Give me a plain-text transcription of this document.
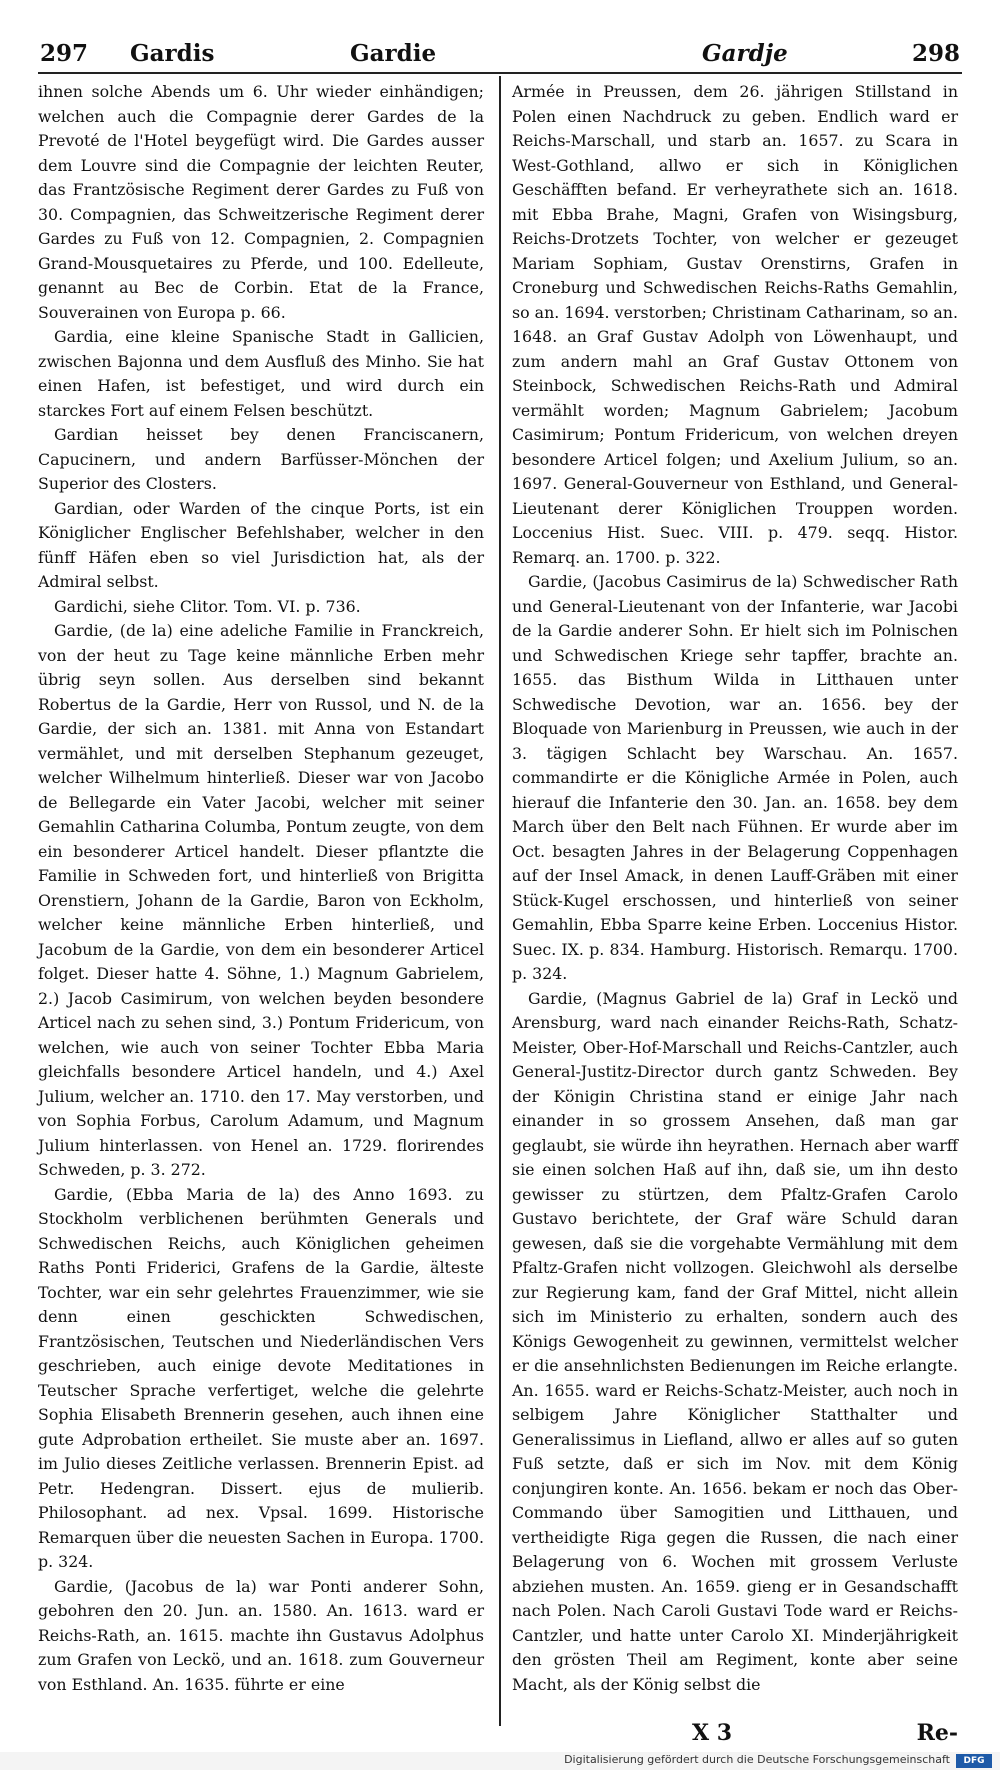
297 Gardis	Gardie	Gardje	298

ihnen solche Abends um 6. Uhr wieder einhändigen; welchen auch die Compagnie derer Gardes de la Prevoté de l'Hotel beygefügt wird. Die Gardes ausser dem Louvre sind die Compagnie der leichten Reuter, das Frantzösische Regiment derer Gardes zu Fuß von 30. Compagnien, das Schweitzerische Regiment derer Gardes zu Fuß von 12. Compagnien, 2. Compagnien Grand-Mousquetaires zu Pferde, und 100. Edelleute, genannt au Bec de Corbin. Etat de la France, Souverainen von Europa p. 66.

Gardia, eine kleine Spanische Stadt in Gallicien, zwischen Bajonna und dem Ausfluß des Minho. Sie hat einen Hafen, ist befestiget, und wird durch ein starckes Fort auf einem Felsen beschützt.

Gardian heisset bey denen Franciscanern, Capucinern, und andern Barfüsser-Mönchen der Superior des Closters.

Gardian, oder Warden of the cinque Ports, ist ein Königlicher Englischer Befehlshaber, welcher in den fünff Häfen eben so viel Jurisdiction hat, als der Admiral selbst.

Gardichi, siehe Clitor. Tom. VI. p. 736.

Gardie, (de la) eine adeliche Familie in Franckreich, von der heut zu Tage keine männliche Erben mehr übrig seyn sollen. Aus derselben sind bekannt Robertus de la Gardie, Herr von Russol, und N. de la Gardie, der sich an. 1381. mit Anna von Estandart vermählet, und mit derselben Stephanum gezeuget, welcher Wilhelmum hinterließ. Dieser war von Jacobo de Bellegarde ein Vater Jacobi, welcher mit seiner Gemahlin Catharina Columba, Pontum zeugte, von dem ein besonderer Articel handelt. Dieser pflantzte die Familie in Schweden fort, und hinterließ von Brigitta Orenstiern, Johann de la Gardie, Baron von Eckholm, welcher keine männliche Erben hinterließ, und Jacobum de la Gardie, von dem ein besonderer Articel folget. Dieser hatte 4. Söhne, 1.) Magnum Gabrielem, 2.) Jacob Casimirum, von welchen beyden besondere Articel nach zu sehen sind, 3.) Pontum Fridericum, von welchen, wie auch von seiner Tochter Ebba Maria gleichfalls besondere Articel handeln, und 4.) Axel Julium, welcher an. 1710. den 17. May verstorben, und von Sophia Forbus, Carolum Adamum, und Magnum Julium hinterlassen. von Henel an. 1729. florirendes Schweden, p. 3. 272.

Gardie, (Ebba Maria de la) des Anno 1693. zu Stockholm verblichenen berühmten Generals und Schwedischen Reichs, auch Königlichen geheimen Raths Ponti Friderici, Grafens de la Gardie, älteste Tochter, war ein sehr gelehrtes Frauenzimmer, wie sie denn einen geschickten Schwedischen, Frantzösischen, Teutschen und Niederländischen Vers geschrieben, auch einige devote Meditationes in Teutscher Sprache verfertiget, welche die gelehrte Sophia Elisabeth Brennerin gesehen, auch ihnen eine gute Adprobation ertheilet. Sie muste aber an. 1697. im Julio dieses Zeitliche verlassen. Brennerin Epist. ad Petr. Hedengran. Dissert. ejus de mulierib. Philosophant. ad nex. Vpsal. 1699. Historische Remarquen über die neuesten Sachen in Europa. 1700. p. 324.

Gardie, (Jacobus de la) war Ponti anderer Sohn, gebohren den 20. Jun. an. 1580. An. 1613. ward er Reichs-Rath, an. 1615. machte ihn Gustavus Adolphus zum Grafen von Leckö, und an. 1618. zum Gouverneur von Esthland. An. 1635. führte er eine

Armée in Preussen, dem 26. jährigen Stillstand in Polen einen Nachdruck zu geben. Endlich ward er Reichs-Marschall, und starb an. 1657. zu Scara in West-Gothland, allwo er sich in Königlichen Geschäfften befand. Er verheyrathete sich an. 1618. mit Ebba Brahe, Magni, Grafen von Wisingsburg, Reichs-Drotzets Tochter, von welcher er gezeuget Mariam Sophiam, Gustav Orenstirns, Grafen in Croneburg und Schwedischen Reichs-Raths Gemahlin, so an. 1694. verstorben; Christinam Catharinam, so an. 1648. an Graf Gustav Adolph von Löwenhaupt, und zum andern mahl an Graf Gustav Ottonem von Steinbock, Schwedischen Reichs-Rath und Admiral vermählt worden; Magnum Gabrielem; Jacobum Casimirum; Pontum Fridericum, von welchen dreyen besondere Articel folgen; und Axelium Julium, so an. 1697. General-Gouverneur von Esthland, und General-Lieutenant derer Königlichen Trouppen worden. Loccenius Hist. Suec. VIII. p. 479. seqq. Histor. Remarq. an. 1700. p. 322.

Gardie, (Jacobus Casimirus de la) Schwedischer Rath und General-Lieutenant von der Infanterie, war Jacobi de la Gardie anderer Sohn. Er hielt sich im Polnischen und Schwedischen Kriege sehr tapffer, brachte an. 1655. das Bisthum Wilda in Litthauen unter Schwedische Devotion, war an. 1656. bey der Bloquade von Marienburg in Preussen, wie auch in der 3. tägigen Schlacht bey Warschau. An. 1657. commandirte er die Königliche Armée in Polen, auch hierauf die Infanterie den 30. Jan. an. 1658. bey dem March über den Belt nach Fühnen. Er wurde aber im Oct. besagten Jahres in der Belagerung Coppenhagen auf der Insel Amack, in denen Lauff-Gräben mit einer Stück-Kugel erschossen, und hinterließ von seiner Gemahlin, Ebba Sparre keine Erben. Loccenius Histor. Suec. IX. p. 834. Hamburg. Historisch. Remarqu. 1700. p. 324.

Gardie, (Magnus Gabriel de la) Graf in Leckö und Arensburg, ward nach einander Reichs-Rath, Schatz-Meister, Ober-Hof-Marschall und Reichs-Cantzler, auch General-Justitz-Director durch gantz Schweden. Bey der Königin Christina stand er einige Jahr nach einander in so grossem Ansehen, daß man gar geglaubt, sie würde ihn heyrathen. Hernach aber warff sie einen solchen Haß auf ihn, daß sie, um ihn desto gewisser zu stürtzen, dem Pfaltz-Grafen Carolo Gustavo berichtete, der Graf wäre Schuld daran gewesen, daß sie die vorgehabte Vermählung mit dem Pfaltz-Grafen nicht vollzogen. Gleichwohl als derselbe zur Regierung kam, fand der Graf Mittel, nicht allein sich im Ministerio zu erhalten, sondern auch des Königs Gewogenheit zu gewinnen, vermittelst welcher er die ansehnlichsten Bedienungen im Reiche erlangte. An. 1655. ward er Reichs-Schatz-Meister, auch noch in selbigem Jahre Königlicher Statthalter und Generalissimus in Liefland, allwo er alles auf so guten Fuß setzte, daß er sich im Nov. mit dem König conjungiren konte. An. 1656. bekam er noch das Ober-Commando über Samogitien und Litthauen, und vertheidigte Riga gegen die Russen, die nach einer Belagerung von 6. Wochen mit grossem Verluste abziehen musten. An. 1659. gieng er in Gesandschafft nach Polen. Nach Caroli Gustavi Tode ward er Reichs-Cantzler, und hatte unter Carolo XI. Minderjährigkeit den grösten Theil am Regiment, konte aber seine Macht, als der König selbst die

X 3	Re-
Digitalisierung gefördert durch die Deutsche Forschungsgemeinschaft	DFG
